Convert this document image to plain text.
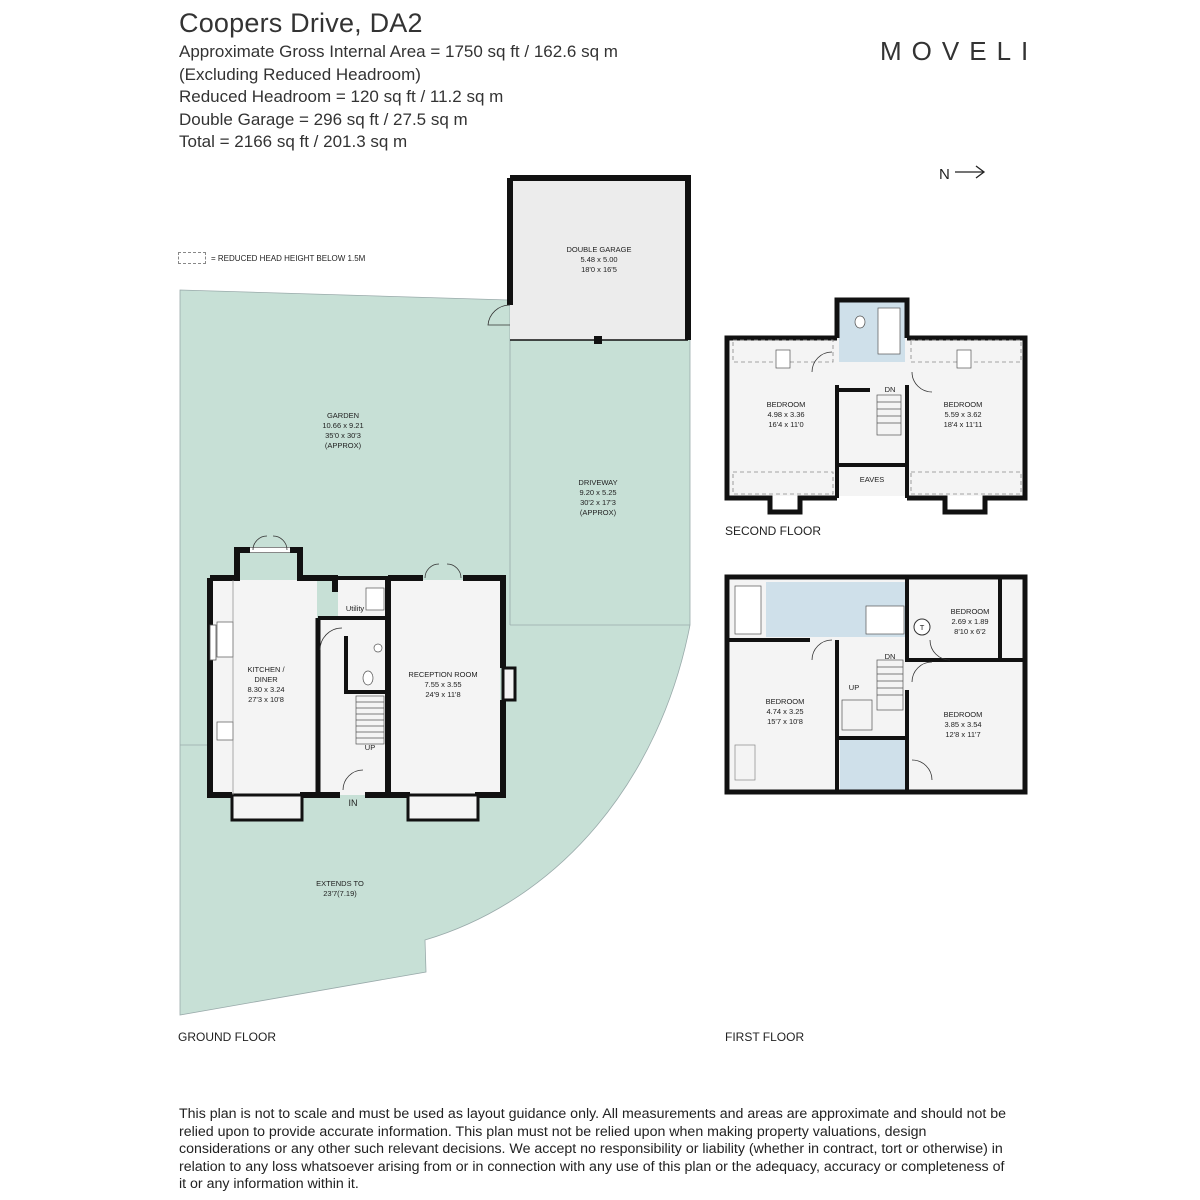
Coopers Drive, DA2

Approximate Gross Internal Area = 1750 sq ft / 162.6 sq m

(Excluding Reduced Headroom)

Reduced Headroom = 120 sq ft / 11.2 sq m

Double Garage = 296 sq ft / 27.5 sq m

Total = 2166 sq ft / 201.3 sq m

MOVELI
N
= REDUCED HEAD HEIGHT BELOW 1.5M
DOUBLE GARAGE
5.48 x 5.00
18'0 x 16'5
GARDEN
10.66 x 9.21
35'0 x 30'3
(APPROX)
DRIVEWAY
9.20 x 5.25
30'2 x 17'3
(APPROX)
KITCHEN /
DINER
8.30 x 3.24
27'3 x 10'8
RECEPTION ROOM
7.55 x 3.55
24'9 x 11'8
Utility
UP
IN
EXTENDS TO
23'7(7.19)
BEDROOM
4.98 x 3.36
16'4 x 11'0
BEDROOM
5.59 x 3.62
18'4 x 11'11
EAVES
DN
T
BEDROOM
2.69 x 1.89
8'10 x 6'2
BEDROOM
4.74 x 3.25
15'7 x 10'8
BEDROOM
3.85 x 3.54
12'8 x 11'7
UP
DN
SECOND FLOOR
FIRST FLOOR
GROUND FLOOR

This plan is not to scale and must be used as layout guidance only. All measurements and areas are approximate and should not be relied upon to provide accurate information. This plan must not be relied upon when making property valuations, design considerations or any other such relevant decisions. We accept no responsibility or liability (whether in contract, tort or otherwise) in relation to any loss whatsoever arising from or in connection with any use of this plan or the adequacy, accuracy or completeness of it or any information within it.
